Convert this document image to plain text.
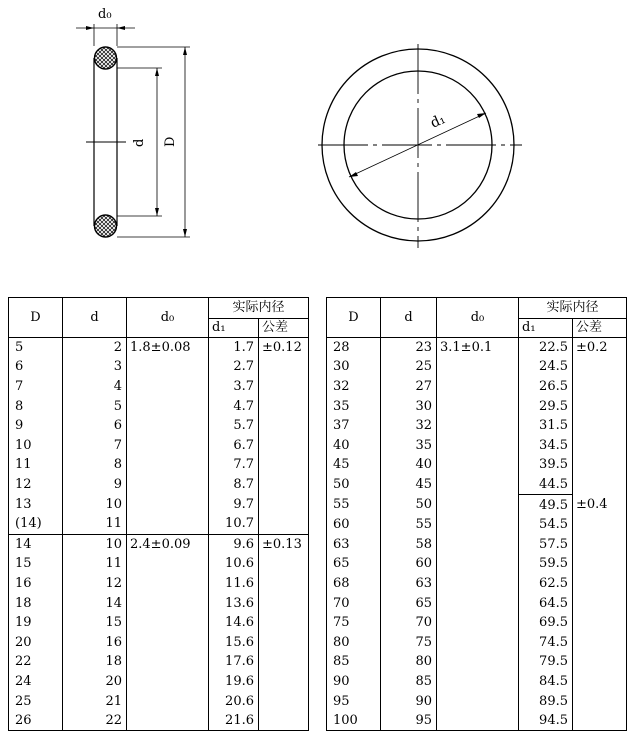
d₀
d D
d₁
D	d	d₀	实际内径	
			d₁	公差
5	2	1.8±0.08	1.7	±0.12
6	3		2.7	
7	4		3.7	
8	5		4.7	
9	6		5.7	
10	7		6.7	
11	8		7.7	
12	9		8.7	
13	10		9.7	
(14)	11		10.7	
14	10	2.4±0.09	9.6	±0.13
15	11		10.6	
16	12		11.6	
18	14		13.6	
19	15		14.6	
20	16		15.6	
22	18		17.6	
24	20		19.6	
25	21		20.6	
26	22		21.6	
D	d	d₀	实际内径	
			d₁	公差
28	23	3.1±0.1	22.5	±0.2
30	25		24.5	
32	27		26.5	
35	30		29.5	
37	32		31.5	
40	35		34.5	
45	40		39.5	
50	45		44.5	
55	50		49.5	±0.4
60	55		54.5	
63	58		57.5	
65	60		59.5	
68	63		62.5	
70	65		64.5	
75	70		69.5	
80	75		74.5	
85	80		79.5	
90	85		84.5	
95	90		89.5	
100	95		94.5	
